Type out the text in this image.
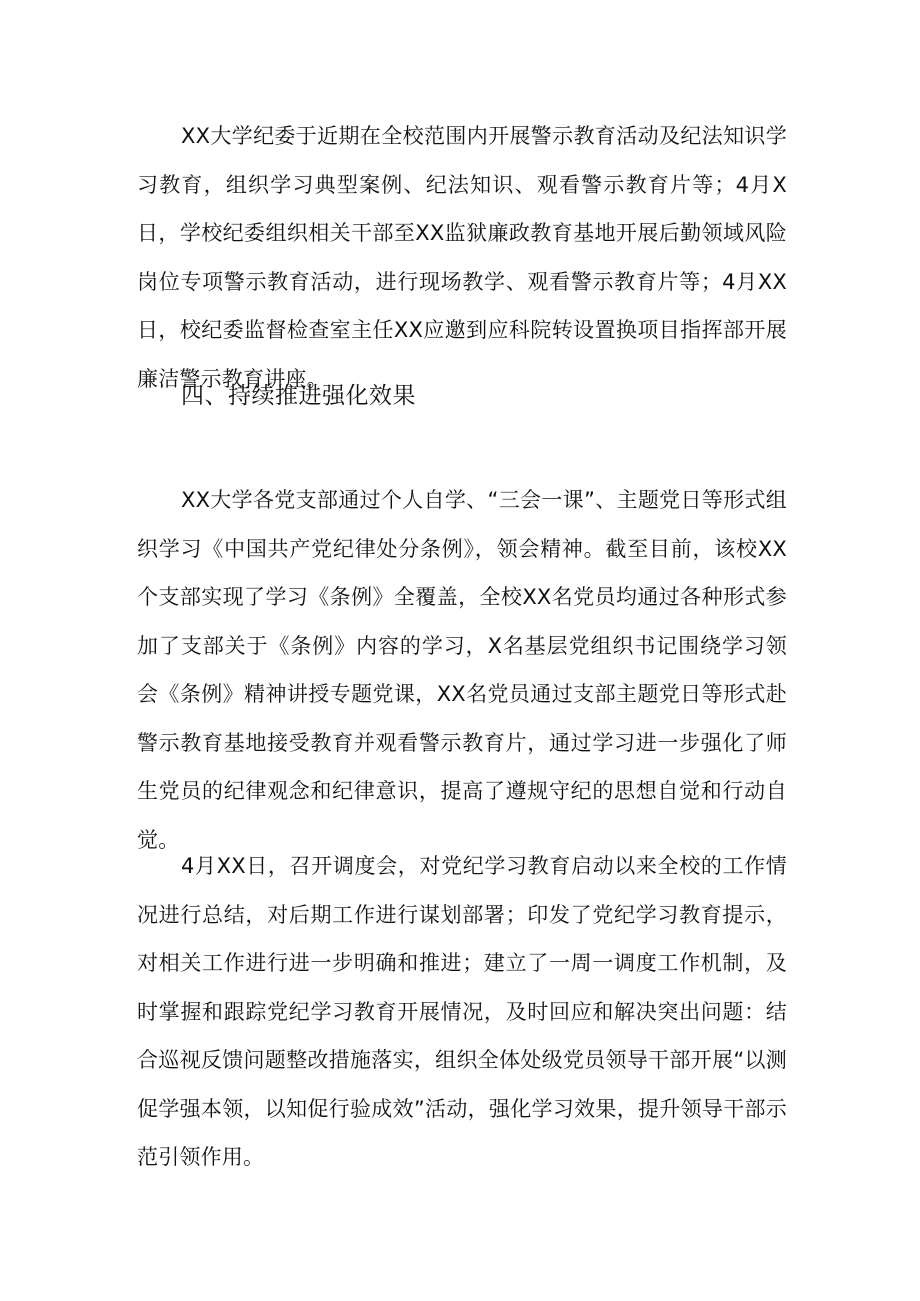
XX大学纪委于近期在全校范围内开展警示教育活动及纪法知识学习教育，组织学习典型案例、纪法知识、观看警示教育片等；4月X日，学校纪委组织相关干部至XX监狱廉政教育基地开展后勤领域风险岗位专项警示教育活动，进行现场教学、观看警示教育片等；4月XX日，校纪委监督检查室主任XX应邀到应科院转设置换项目指挥部开展廉洁警示教育讲座。

四、持续推进强化效果

XX大学各党支部通过个人自学、“三会一课”、主题党日等形式组织学习《中国共产党纪律处分条例》，领会精神。截至目前，该校XX个支部实现了学习《条例》全覆盖，全校XX名党员均通过各种形式参加了支部关于《条例》内容的学习，X名基层党组织书记围绕学习领会《条例》精神讲授专题党课，XX名党员通过支部主题党日等形式赴警示教育基地接受教育并观看警示教育片，通过学习进一步强化了师生党员的纪律观念和纪律意识，提高了遵规守纪的思想自觉和行动自觉。

4月XX日，召开调度会，对党纪学习教育启动以来全校的工作情况进行总结，对后期工作进行谋划部署；印发了党纪学习教育提示，对相关工作进行进一步明确和推进；建立了一周一调度工作机制，及时掌握和跟踪党纪学习教育开展情况，及时回应和解决突出问题：结合巡视反馈问题整改措施落实，组织全体处级党员领导干部开展“以测促学强本领，以知促行验成效”活动，强化学习效果，提升领导干部示范引领作用。
